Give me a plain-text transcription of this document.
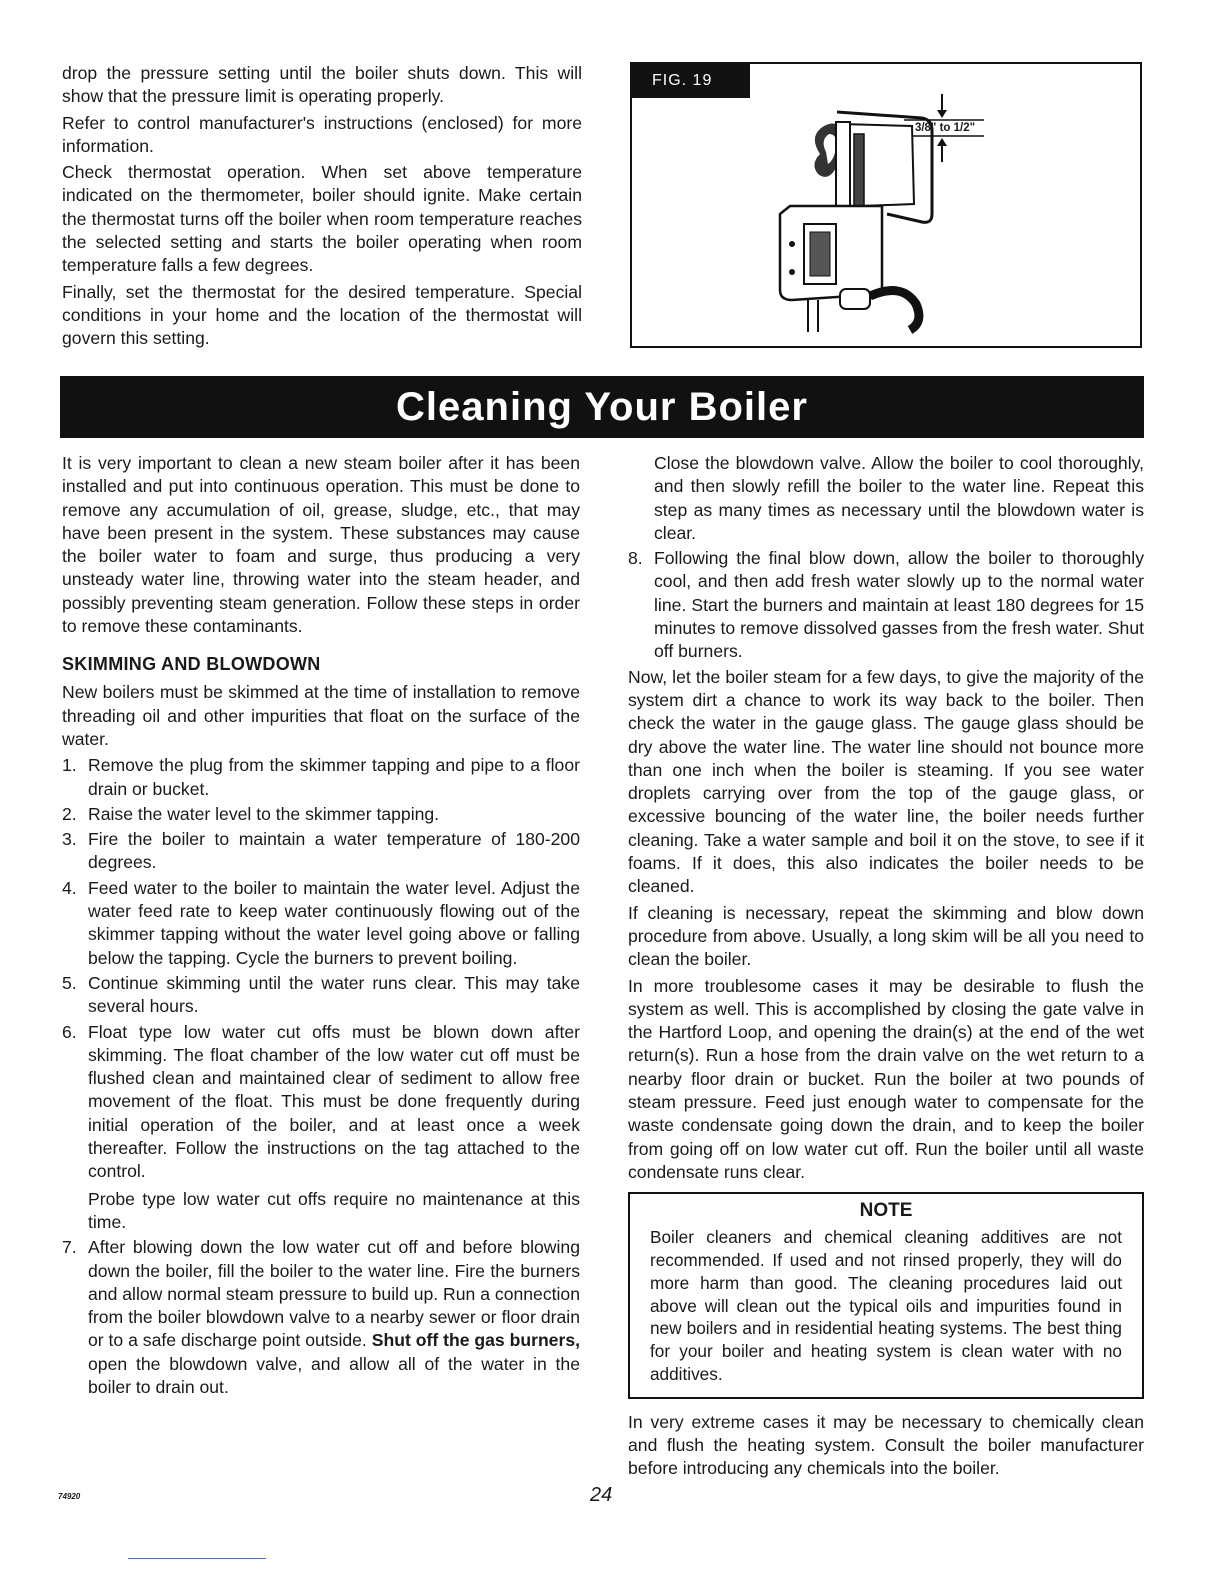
drop the pressure setting until the boiler shuts down. This will show that the pressure limit is operating properly.

Refer to control manufacturer's instructions (enclosed) for more information.

Check thermostat operation. When set above temperature indicated on the thermometer, boiler should ignite. Make certain the thermostat turns off the boiler when room temperature reaches the selected setting and starts the boiler operating when room temperature falls a few degrees.

Finally, set the thermostat for the desired temperature. Special conditions in your home and the location of the thermostat will govern this setting.

FIG. 19
3/8" to 1/2"
Cleaning Your Boiler

It is very important to clean a new steam boiler after it has been installed and put into continuous operation. This must be done to remove any accumulation of oil, grease, sludge, etc., that may have been present in the system. These substances may cause the boiler water to foam and surge, thus producing a very unsteady water line, throwing water into the steam header, and possibly preventing steam generation. Follow these steps in order to remove these contaminants.

SKIMMING AND BLOWDOWN

New boilers must be skimmed at the time of installation to remove threading oil and other impurities that float on the surface of the water.

1. Remove the plug from the skimmer tapping and pipe to a floor drain or bucket.
2. Raise the water level to the skimmer tapping.
3. Fire the boiler to maintain a water temperature of 180-200 degrees.
4. Feed water to the boiler to maintain the water level. Adjust the water feed rate to keep water continuously flowing out of the skimmer tapping without the water level going above or falling below the tapping. Cycle the burners to prevent boiling.
5. Continue skimming until the water runs clear. This may take several hours.
6. Float type low water cut offs must be blown down after skimming. The float chamber of the low water cut off must be flushed clean and maintained clear of sediment to allow free movement of the float. This must be done frequently during initial operation of the boiler, and at least once a week thereafter. Follow the instructions on the tag attached to the control.
Probe type low water cut offs require no maintenance at this time.
7. After blowing down the low water cut off and before blowing down the boiler, fill the boiler to the water line. Fire the burners and allow normal steam pressure to build up. Run a connection from the boiler blowdown valve to a nearby sewer or floor drain or to a safe discharge point outside. Shut off the gas burners, open the blowdown valve, and allow all of the water in the boiler to drain out.

Close the blowdown valve. Allow the boiler to cool thoroughly, and then slowly refill the boiler to the water line. Repeat this step as many times as necessary until the blowdown water is clear.

8. Following the final blow down, allow the boiler to thoroughly cool, and then add fresh water slowly up to the normal water line. Start the burners and maintain at least 180 degrees for 15 minutes to remove dissolved gasses from the fresh water. Shut off burners.

Now, let the boiler steam for a few days, to give the majority of the system dirt a chance to work its way back to the boiler. Then check the water in the gauge glass. The gauge glass should be dry above the water line. The water line should not bounce more than one inch when the boiler is steaming. If you see water droplets carrying over from the top of the gauge glass, or excessive bouncing of the water line, the boiler needs further cleaning. Take a water sample and boil it on the stove, to see if it foams. If it does, this also indicates the boiler needs to be cleaned.

If cleaning is necessary, repeat the skimming and blow down procedure from above. Usually, a long skim will be all you need to clean the boiler.

In more troublesome cases it may be desirable to flush the system as well. This is accomplished by closing the gate valve in the Hartford Loop, and opening the drain(s) at the end of the wet return(s). Run a hose from the drain valve on the wet return to a nearby floor drain or bucket. Run the boiler at two pounds of steam pressure. Feed just enough water to compensate for the waste condensate going down the drain, and to keep the boiler from going off on low water cut off. Run the boiler until all waste condensate runs clear.

NOTE

Boiler cleaners and chemical cleaning additives are not recommended. If used and not rinsed properly, they will do more harm than good. The cleaning procedures laid out above will clean out the typical oils and impurities found in new boilers and in residential heating systems. The best thing for your boiler and heating system is clean water with no additives.

In very extreme cases it may be necessary to chemically clean and flush the heating system. Consult the boiler manufacturer before introducing any chemicals into the boiler.

74920	24
